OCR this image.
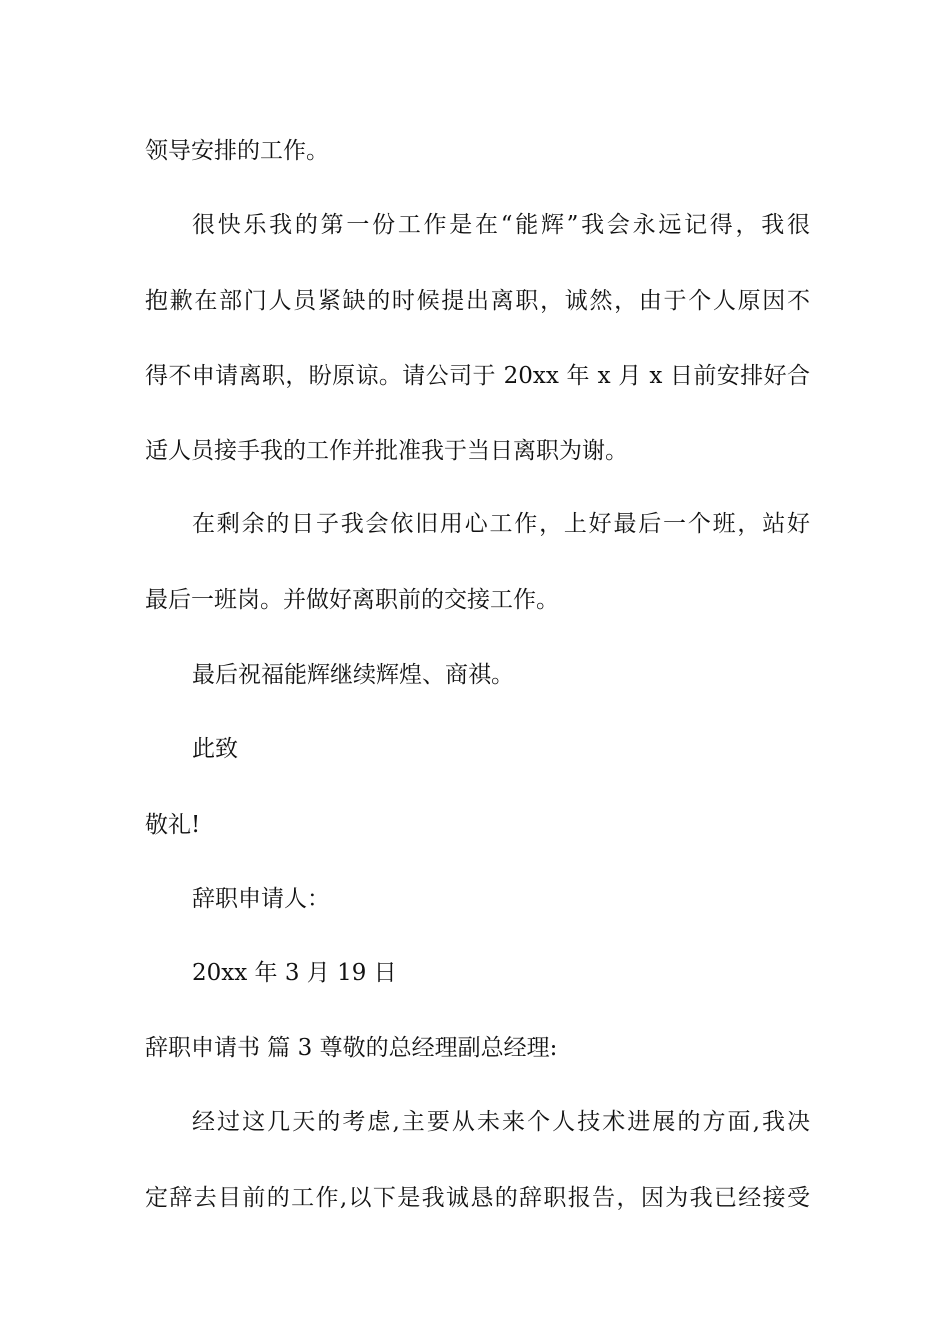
领导安排的工作。
很快乐我的第一份工作是在“能辉”我会永远记得，我很
抱歉在部门人员紧缺的时候提出离职，诚然，由于个人原因不
得不申请离职，盼原谅。请公司于 20xx 年 x 月 x 日前安排好合
适人员接手我的工作并批准我于当日离职为谢。
在剩余的日子我会依旧用心工作，上好最后一个班，站好
最后一班岗。并做好离职前的交接工作。
最后祝福能辉继续辉煌、商祺。
此致
敬礼!
辞职申请人：
20xx 年 3 月 19 日
辞职申请书 篇 3 尊敬的总经理副总经理:
经过这几天的考虑,主要从未来个人技术进展的方面,我决
定辞去目前的工作,以下是我诚恳的辞职报告，因为我已经接受
